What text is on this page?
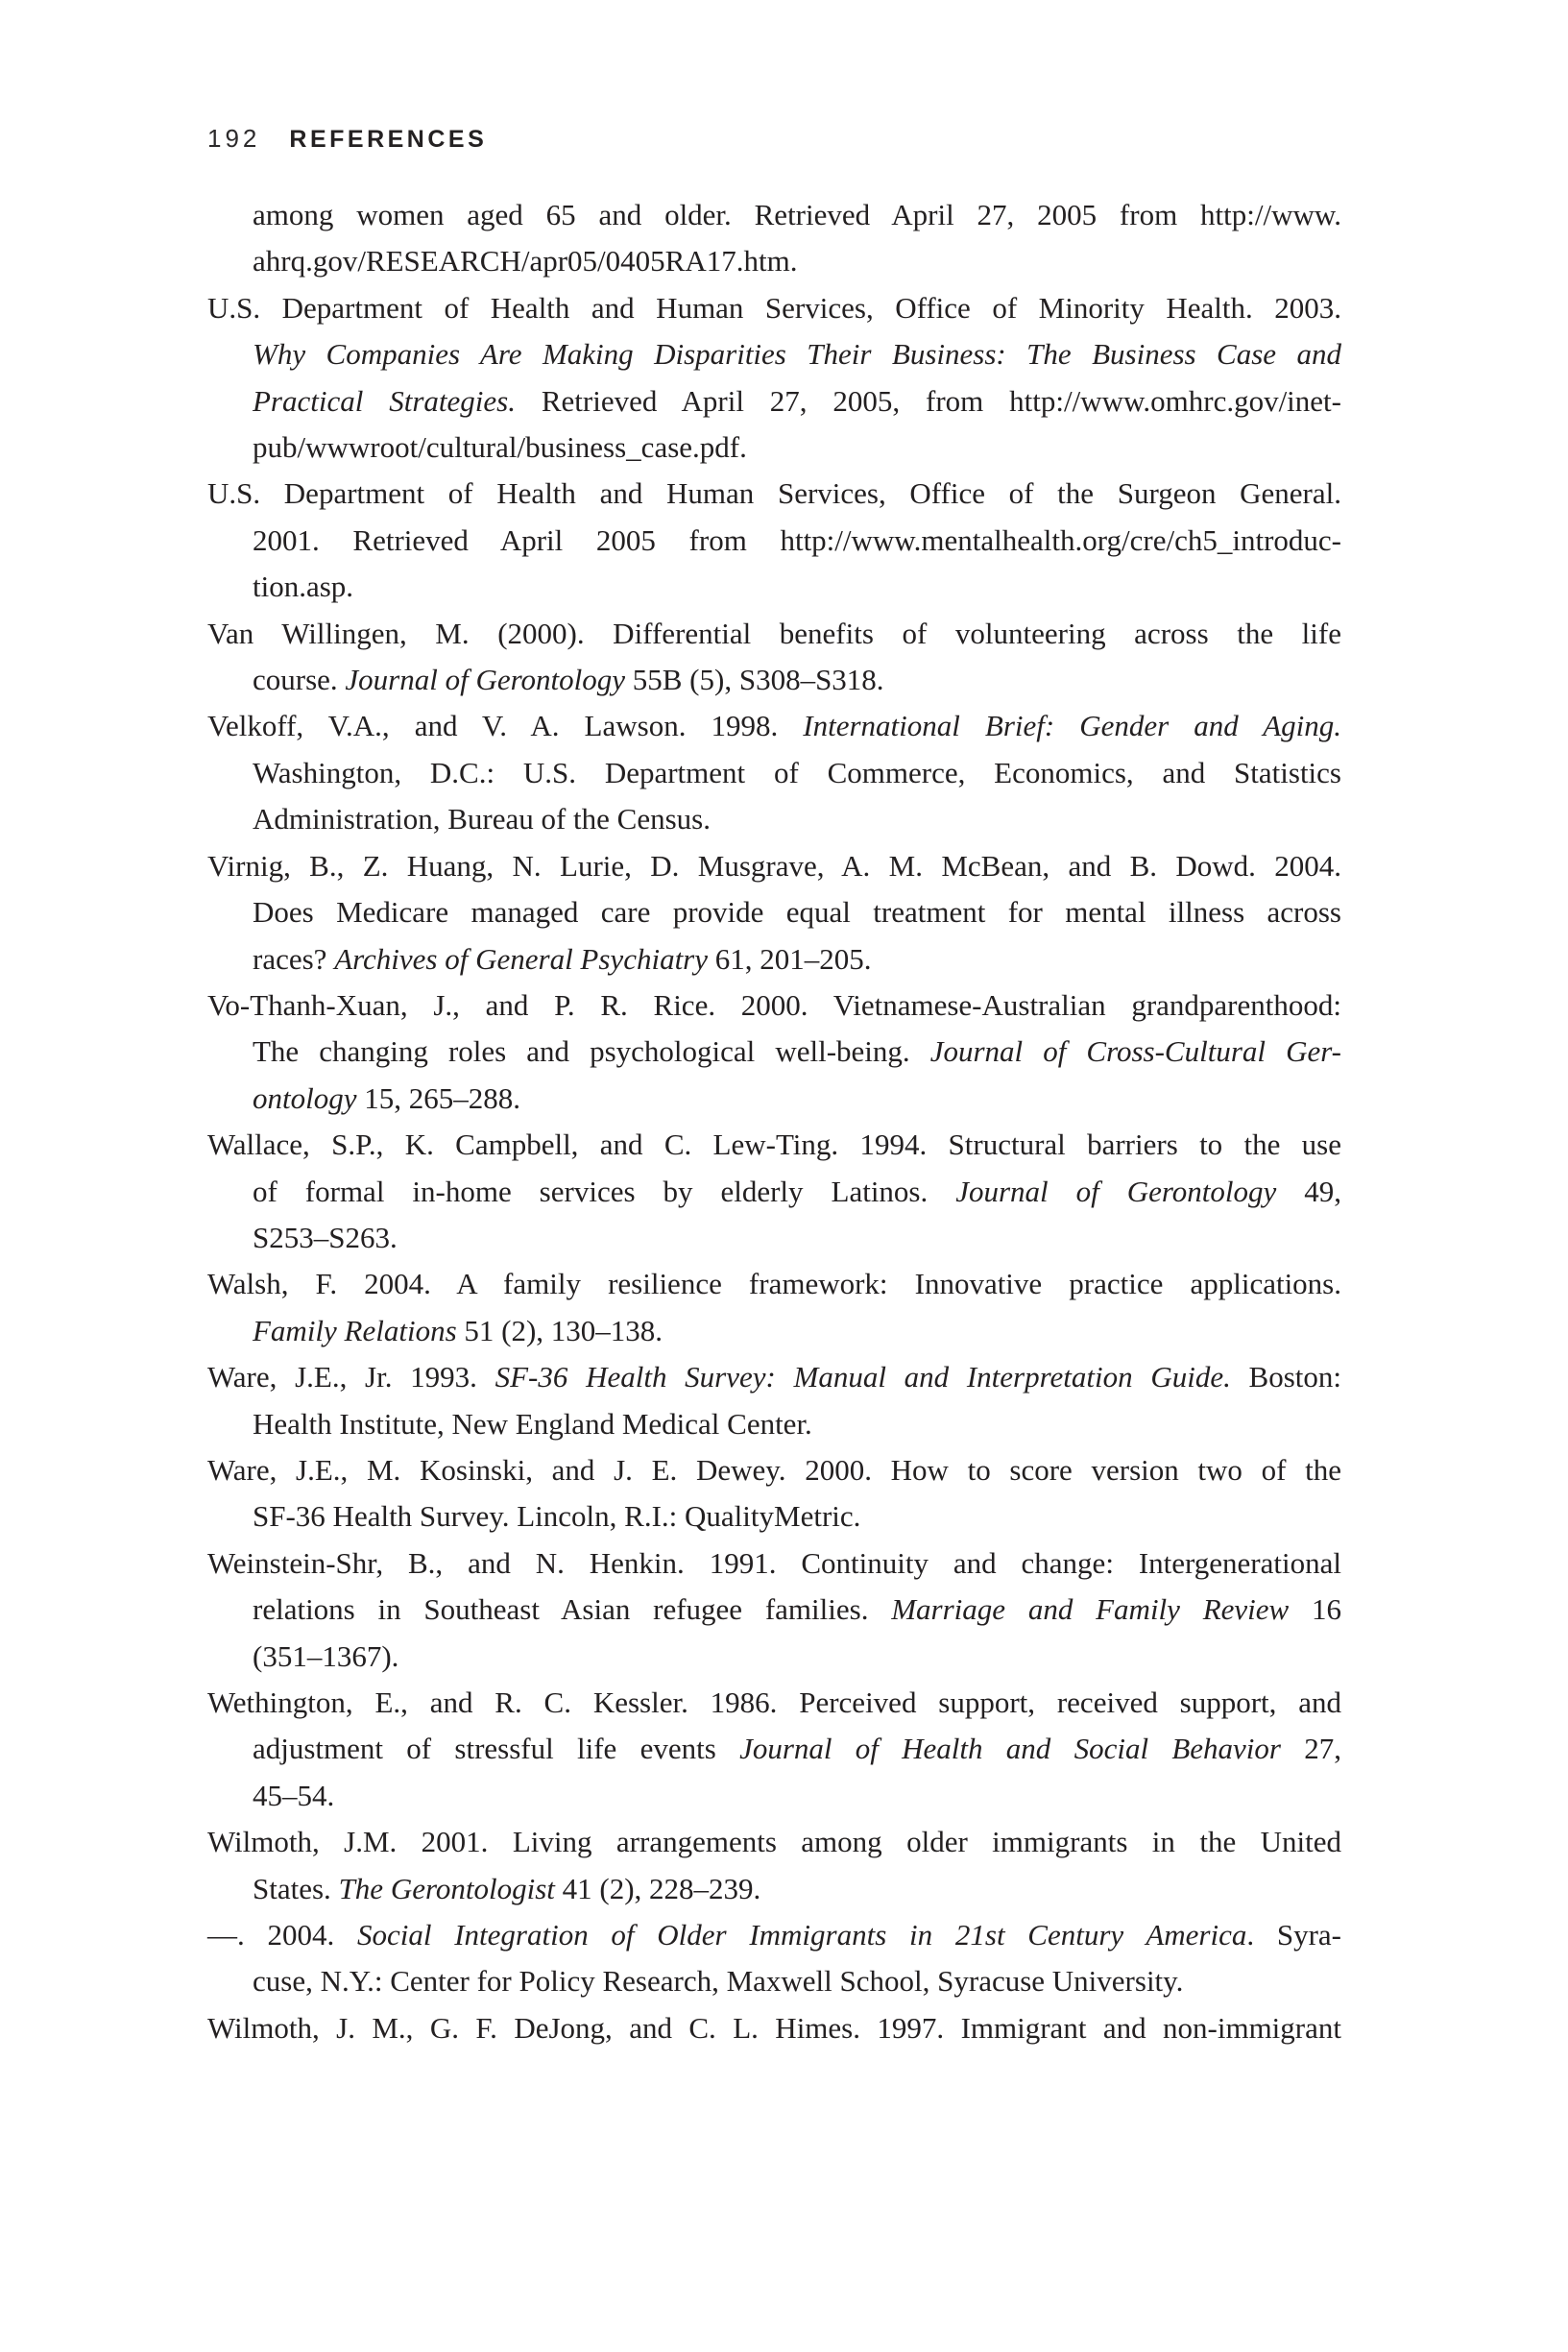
192 REFERENCES
among women aged 65 and older. Retrieved April 27, 2005 from http://www.
ahrq.gov/RESEARCH/apr05/0405RA17.htm.
U.S. Department of Health and Human Services, Office of Minority Health. 2003.
Why Companies Are Making Disparities Their Business: The Business Case and
Practical Strategies. Retrieved April 27, 2005, from http://www.omhrc.gov/inet-
pub/wwwroot/cultural/business_case.pdf.
U.S. Department of Health and Human Services, Office of the Surgeon General.
2001. Retrieved April 2005 from http://www.mentalhealth.org/cre/ch5_introduc-
tion.asp.
Van Willingen, M. (2000). Differential benefits of volunteering across the life
course. Journal of Gerontology 55B (5), S308–S318.
Velkoff, V.A., and V. A. Lawson. 1998. International Brief: Gender and Aging.
Washington, D.C.: U.S. Department of Commerce, Economics, and Statistics
Administration, Bureau of the Census.
Virnig, B., Z. Huang, N. Lurie, D. Musgrave, A. M. McBean, and B. Dowd. 2004.
Does Medicare managed care provide equal treatment for mental illness across
races? Archives of General Psychiatry 61, 201–205.
Vo-Thanh-Xuan, J., and P. R. Rice. 2000. Vietnamese-Australian grandparenthood:
The changing roles and psychological well-being. Journal of Cross-Cultural Ger-
ontology 15, 265–288.
Wallace, S.P., K. Campbell, and C. Lew-Ting. 1994. Structural barriers to the use
of formal in-home services by elderly Latinos. Journal of Gerontology 49,
S253–S263.
Walsh, F. 2004. A family resilience framework: Innovative practice applications.
Family Relations 51 (2), 130–138.
Ware, J.E., Jr. 1993. SF-36 Health Survey: Manual and Interpretation Guide. Boston:
Health Institute, New England Medical Center.
Ware, J.E., M. Kosinski, and J. E. Dewey. 2000. How to score version two of the
SF-36 Health Survey. Lincoln, R.I.: QualityMetric.
Weinstein-Shr, B., and N. Henkin. 1991. Continuity and change: Intergenerational
relations in Southeast Asian refugee families. Marriage and Family Review 16
(351–1367).
Wethington, E., and R. C. Kessler. 1986. Perceived support, received support, and
adjustment of stressful life events Journal of Health and Social Behavior 27,
45–54.
Wilmoth, J.M. 2001. Living arrangements among older immigrants in the United
States. The Gerontologist 41 (2), 228–239.
—. 2004. Social Integration of Older Immigrants in 21st Century America. Syra-
cuse, N.Y.: Center for Policy Research, Maxwell School, Syracuse University.
Wilmoth, J. M., G. F. DeJong, and C. L. Himes. 1997. Immigrant and non-immigrant
